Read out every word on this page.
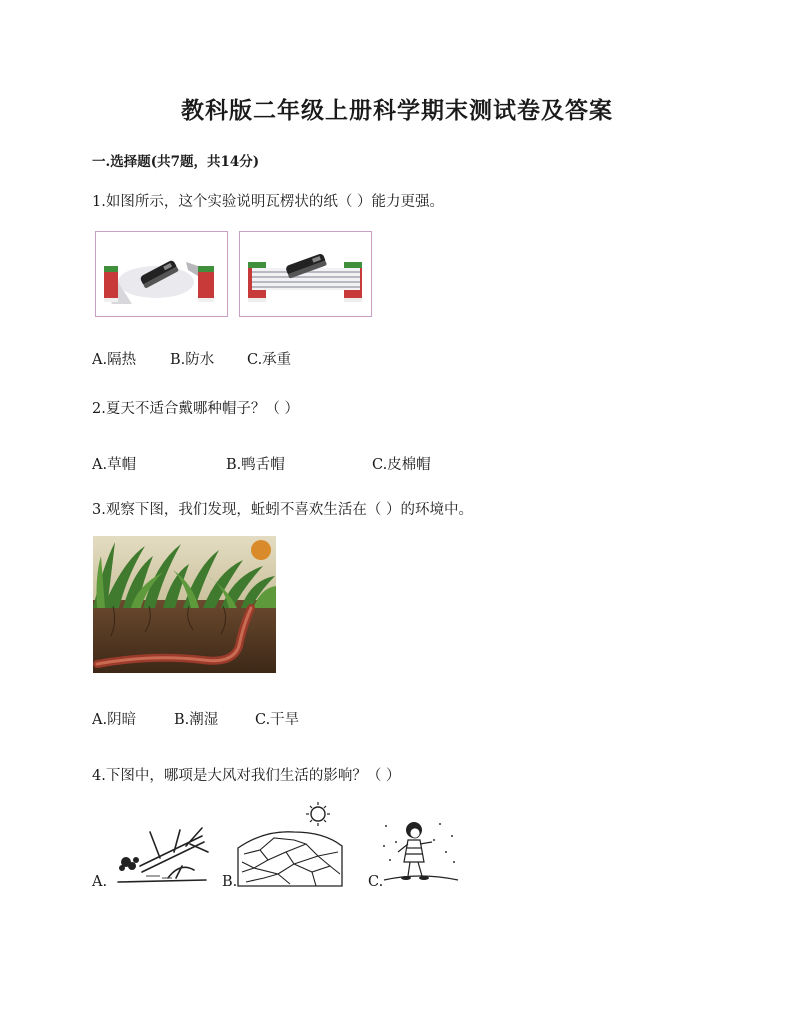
教科版二年级上册科学期末测试卷及答案
一.选择题(共7题，共14分)
1.如图所示，这个实验说明瓦楞状的纸（ ）能力更强。
A.隔热 B.防水 C.承重
2.夏天不适合戴哪种帽子？（ ）
A.草帽	B.鸭舌帽	C.皮棉帽
3.观察下图，我们发现，蚯蚓不喜欢生活在（ ）的环境中。
A.阴暗	B.潮湿	C.干旱
4.下图中，哪项是大风对我们生活的影响？（ ）
A.	B.	C.
